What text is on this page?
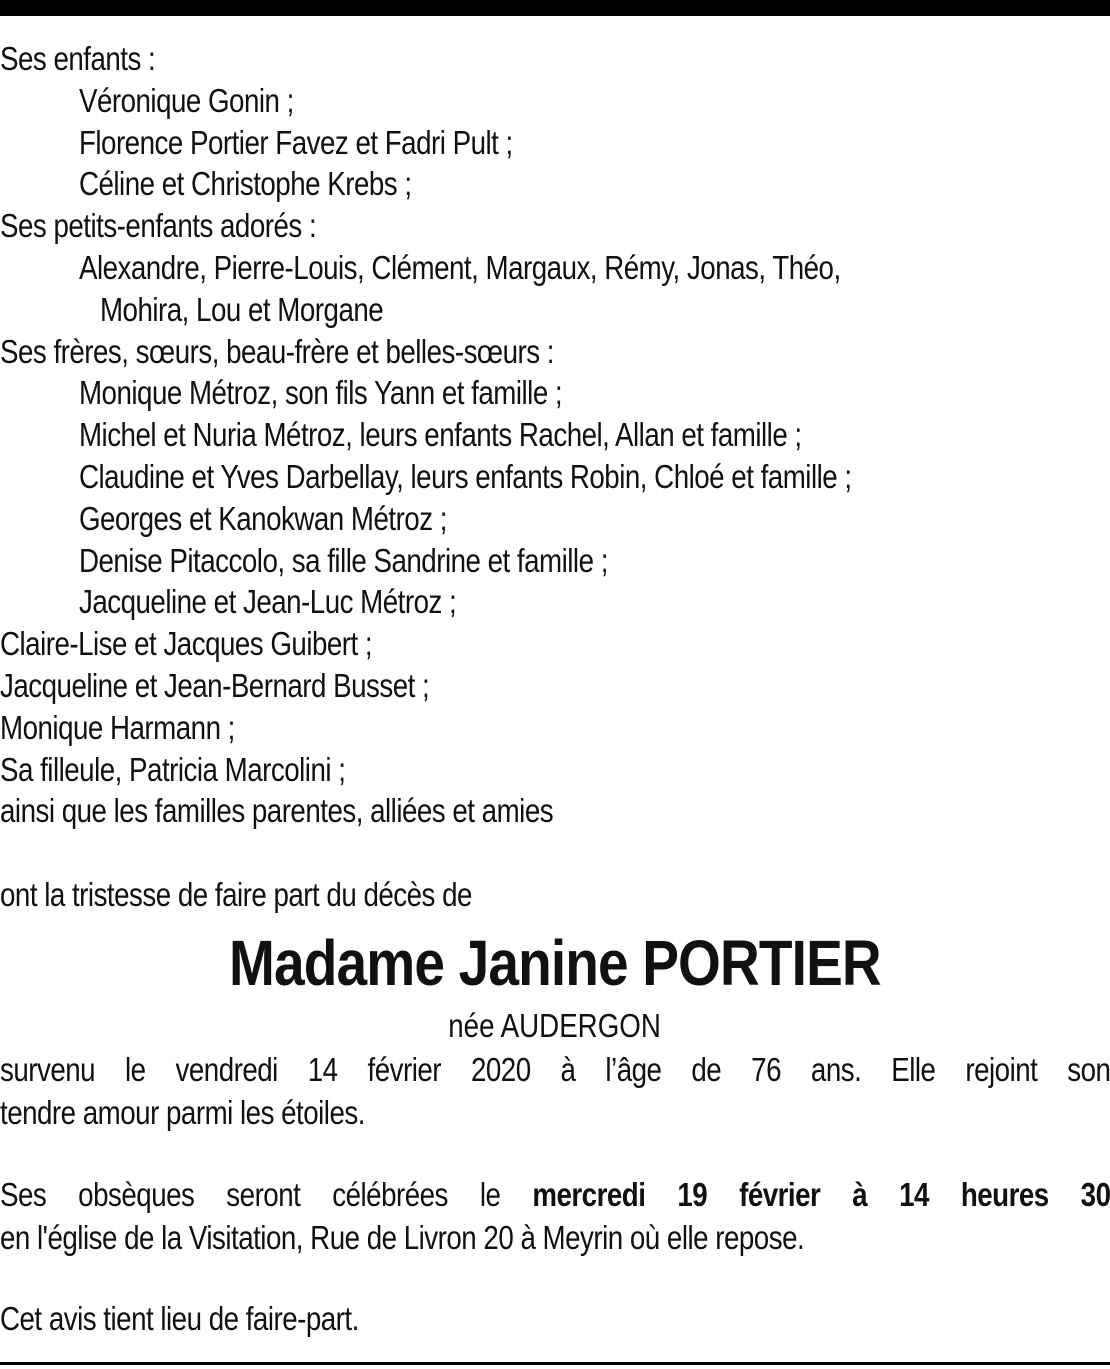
Ses enfants :
Véronique Gonin ;
Florence Portier Favez et Fadri Pult ;
Céline et Christophe Krebs ;
Ses petits-enfants adorés :
Alexandre, Pierre-Louis, Clément, Margaux, Rémy, Jonas, Théo,
Mohira, Lou et Morgane
Ses frères, sœurs, beau-frère et belles-sœurs :
Monique Métroz, son fils Yann et famille ;
Michel et Nuria Métroz, leurs enfants Rachel, Allan et famille ;
Claudine et Yves Darbellay, leurs enfants Robin, Chloé et famille ;
Georges et Kanokwan Métroz ;
Denise Pitaccolo, sa fille Sandrine et famille ;
Jacqueline et Jean-Luc Métroz ;
Claire-Lise et Jacques Guibert ;
Jacqueline et Jean-Bernard Busset ;
Monique Harmann ;
Sa filleule, Patricia Marcolini ;
ainsi que les familles parentes, alliées et amies
ont la tristesse de faire part du décès de
Madame Janine PORTIER
née AUDERGON
survenu le vendredi 14 février 2020 à l’âge de 76 ans. Elle rejoint son
tendre amour parmi les étoiles.
Ses obsèques seront célébrées le mercredi 19 février à 14 heures 30
en l'église de la Visitation, Rue de Livron 20 à Meyrin où elle repose.
Cet avis tient lieu de faire-part.
